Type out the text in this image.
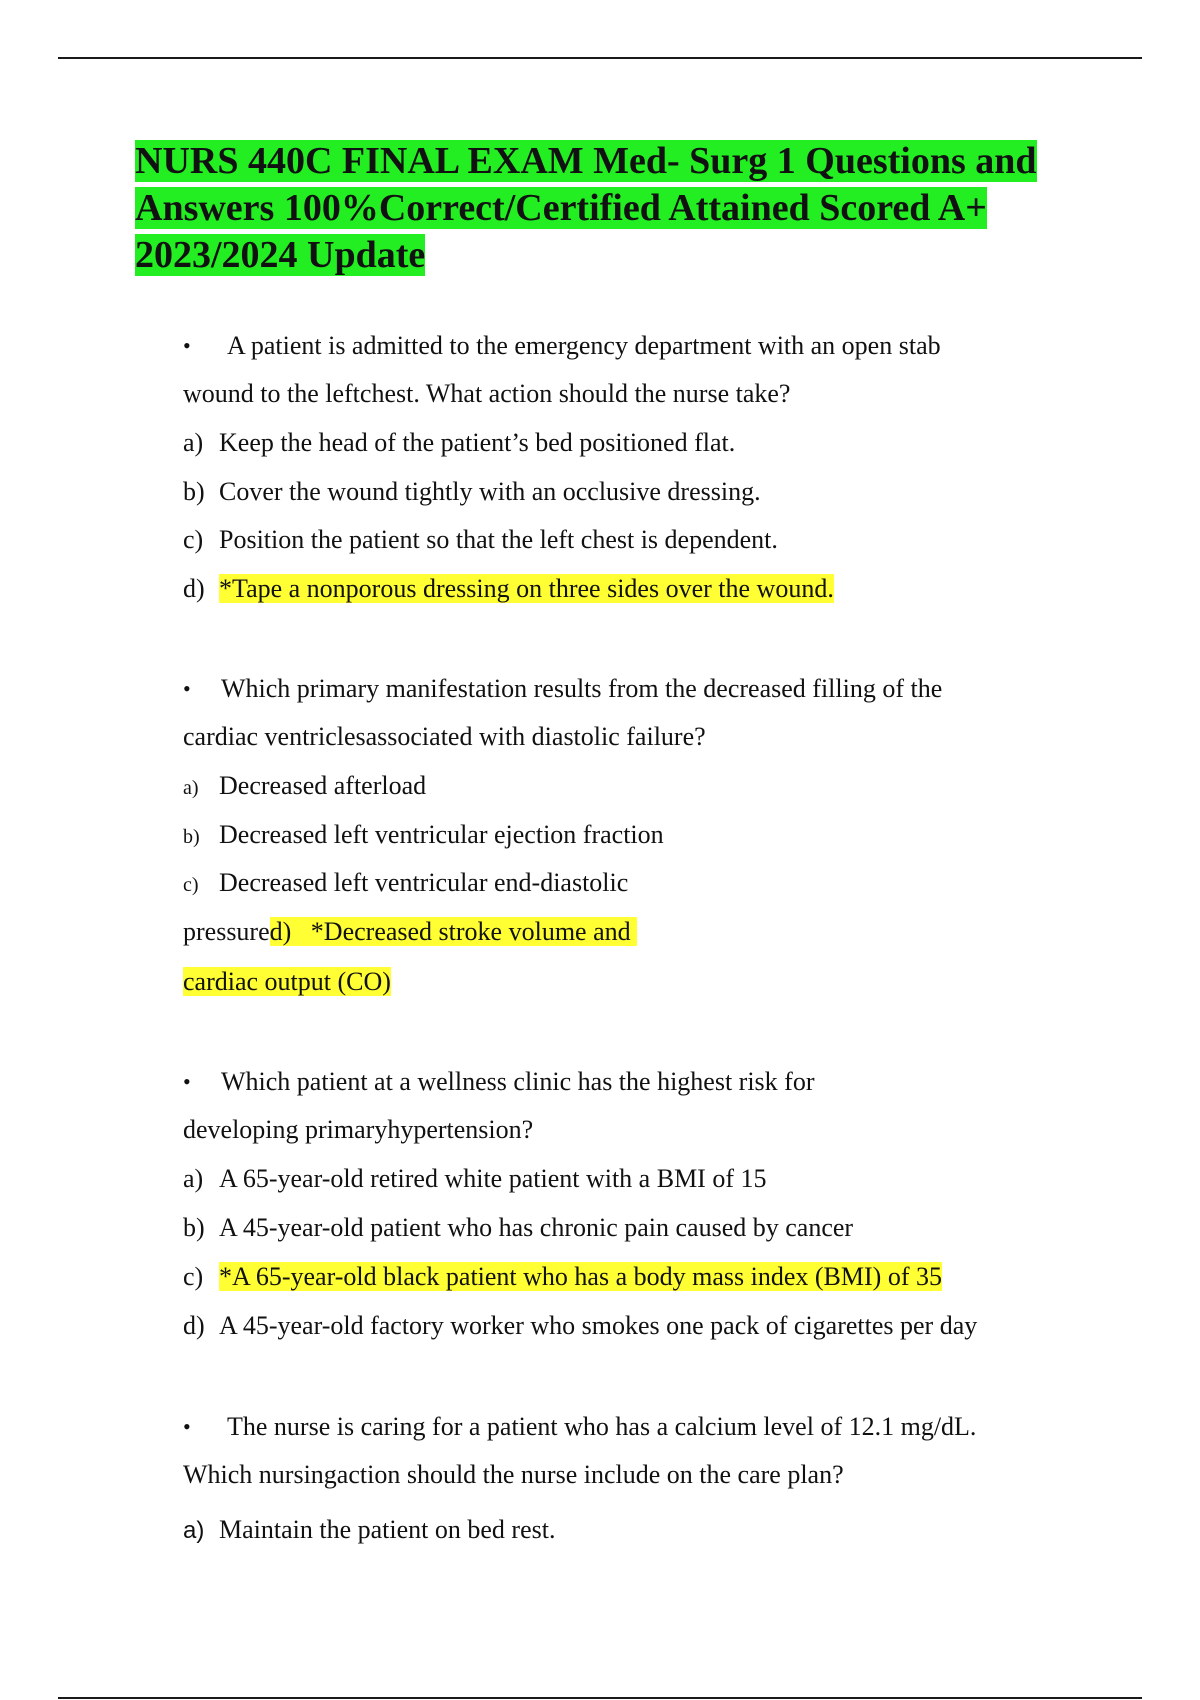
NURS 440C FINAL EXAM Med- Surg 1 Questions and
Answers 100%Correct/Certified Attained Scored A+
2023/2024 Update
• A patient is admitted to the emergency department with an open stab
wound to the leftchest. What action should the nurse take?
a) Keep the head of the patient’s bed positioned flat.
b) Cover the wound tightly with an occlusive dressing.
c) Position the patient so that the left chest is dependent.
d) *Tape a nonporous dressing on three sides over the wound.
• Which primary manifestation results from the decreased filling of the
cardiac ventriclesassociated with diastolic failure?
a) Decreased afterload
b) Decreased left ventricular ejection fraction
c) Decreased left ventricular end-diastolic
pressured)   *Decreased stroke volume and
cardiac output (CO)
• Which patient at a wellness clinic has the highest risk for
developing primaryhypertension?
a) A 65-year-old retired white patient with a BMI of 15
b) A 45-year-old patient who has chronic pain caused by cancer
c) *A 65-year-old black patient who has a body mass index (BMI) of 35
d) A 45-year-old factory worker who smokes one pack of cigarettes per day
• The nurse is caring for a patient who has a calcium level of 12.1 mg/dL.
Which nursingaction should the nurse include on the care plan?
a) Maintain the patient on bed rest.
